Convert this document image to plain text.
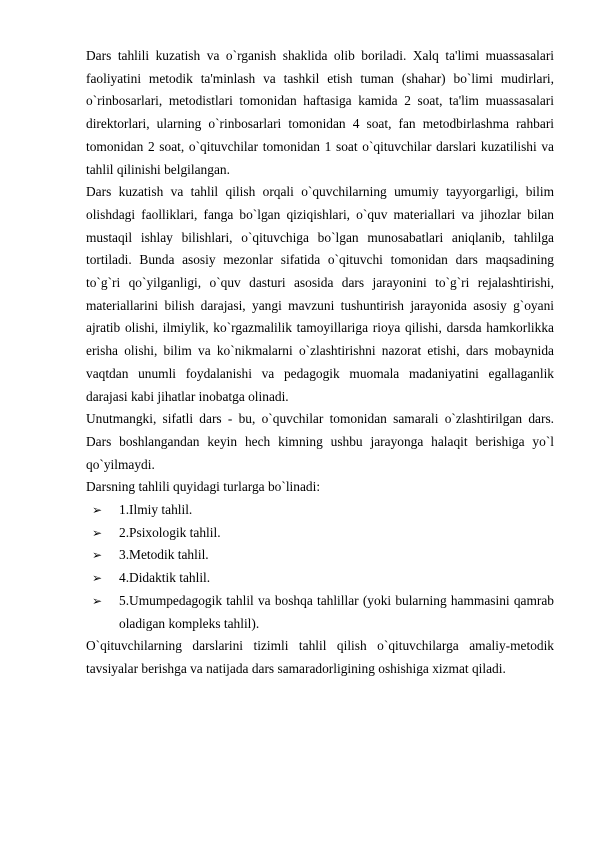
Dars tahlili kuzatish va o`rganish shaklida olib boriladi. Xalq ta'limi muassasalari faoliyatini metodik ta'minlash va tashkil etish tuman (shahar) bo`limi mudirlari, o`rinbosarlari, metodistlari tomonidan haftasiga kamida 2 soat, ta'lim muassasalari direktorlari, ularning o`rinbosarlari tomonidan 4 soat, fan metodbirlashma rahbari tomonidan 2 soat, o`qituvchilar tomonidan 1 soat o`qituvchilar darslari kuzatilishi va tahlil qilinishi belgilangan.

Dars kuzatish va tahlil qilish orqali o`quvchilarning umumiy tayyorgarligi, bilim olishdagi faolliklari, fanga bo`lgan qiziqishlari, o`quv materiallari va jihozlar bilan mustaqil ishlay bilishlari, o`qituvchiga bo`lgan munosabatlari aniqlanib, tahlilga tortiladi. Bunda asosiy mezonlar sifatida o`qituvchi tomonidan dars maqsadining to`g`ri qo`yilganligi, o`quv dasturi asosida dars jarayonini to`g`ri rejalashtirishi, materiallarini bilish darajasi, yangi mavzuni tushuntirish jarayonida asosiy g`oyani ajratib olishi, ilmiylik, ko`rgazmalilik tamoyillariga rioya qilishi, darsda hamkorlikka erisha olishi, bilim va ko`nikmalarni o`zlashtirishni nazorat etishi, dars mobaynida vaqtdan unumli foydalanishi va pedagogik muomala madaniyatini egallaganlik darajasi kabi jihatlar inobatga olinadi.

Unutmangki, sifatli dars - bu, o`quvchilar tomonidan samarali o`zlashtirilgan dars. Dars boshlangandan keyin hech kimning ushbu jarayonga halaqit berishiga yo`l qo`yilmaydi.

Darsning tahlili quyidagi turlarga bo`linadi:

➢ 1.Ilmiy tahlil.
➢ 2.Psixologik tahlil.
➢ 3.Metodik tahlil.
➢ 4.Didaktik tahlil.
➢ 5.Umumpedagogik tahlil va boshqa tahlillar (yoki bularning hammasini qamrab oladigan kompleks tahlil).

O`qituvchilarning darslarini tizimli tahlil qilish o`qituvchilarga amaliy-metodik tavsiyalar berishga va natijada dars samaradorligining oshishiga xizmat qiladi.
